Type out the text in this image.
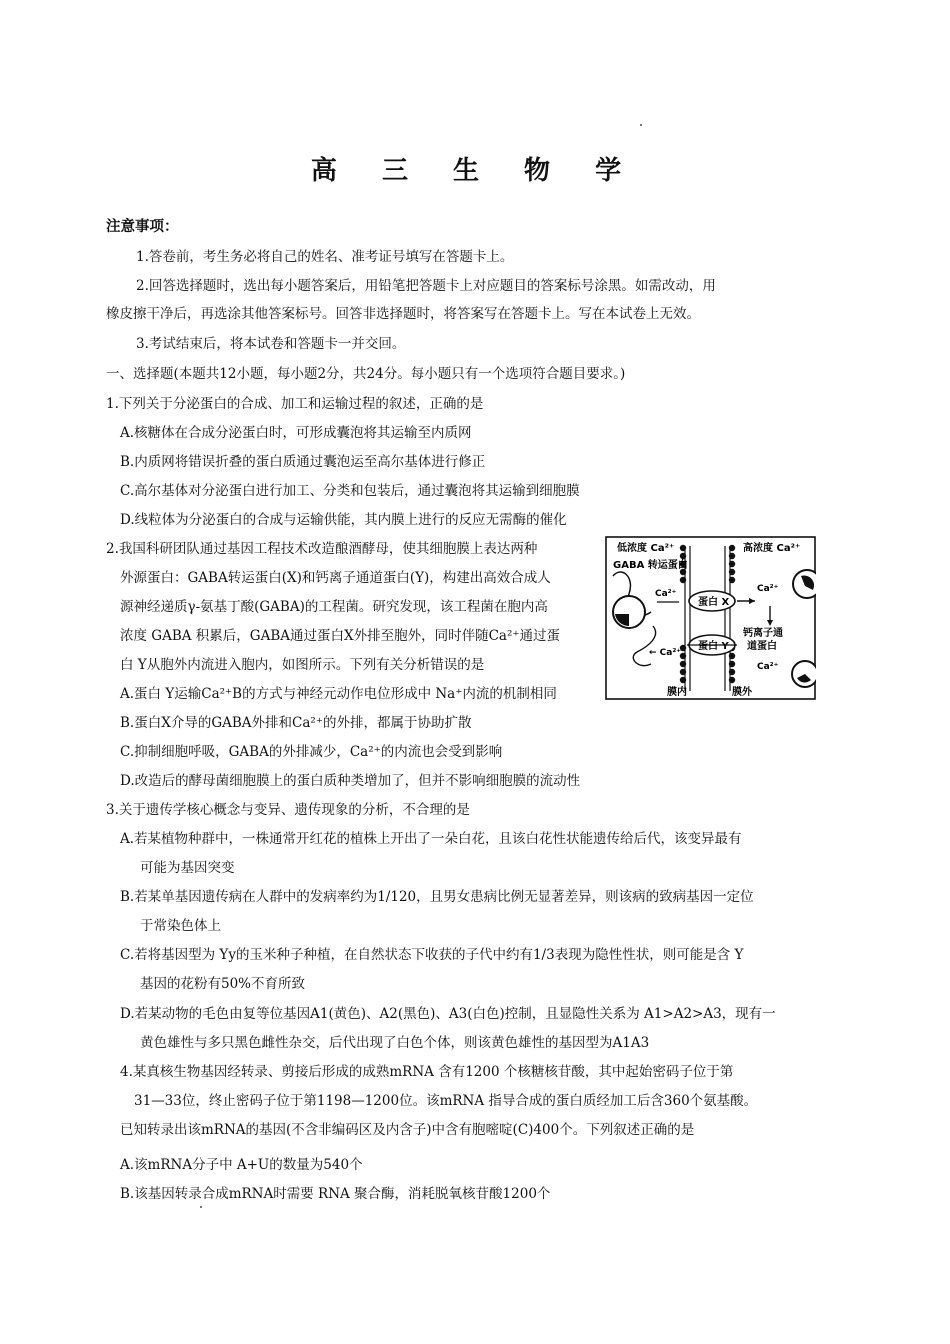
高 三 生 物 学
注意事项：
1.答卷前，考生务必将自己的姓名、准考证号填写在答题卡上。
2.回答选择题时，选出每小题答案后，用铅笔把答题卡上对应题目的答案标号涂黑。如需改动，用
橡皮擦干净后，再选涂其他答案标号。回答非选择题时，将答案写在答题卡上。写在本试卷上无效。
3.考试结束后，将本试卷和答题卡一并交回。
一、选择题(本题共12小题，每小题2分，共24分。每小题只有一个选项符合题目要求。)
1.下列关于分泌蛋白的合成、加工和运输过程的叙述，正确的是
A.核糖体在合成分泌蛋白时，可形成囊泡将其运输至内质网
B.内质网将错误折叠的蛋白质通过囊泡运至高尔基体进行修正
C.高尔基体对分泌蛋白进行加工、分类和包装后，通过囊泡将其运输到细胞膜
D.线粒体为分泌蛋白的合成与运输供能，其内膜上进行的反应无需酶的催化
2.我国科研团队通过基因工程技术改造酿酒酵母，使其细胞膜上表达两种
外源蛋白：GABA转运蛋白(X)和钙离子通道蛋白(Y)，构建出高效合成人
源神经递质γ-氨基丁酸(GABA)的工程菌。研究发现，该工程菌在胞内高
浓度 GABA 积累后，GABA通过蛋白X外排至胞外，同时伴随Ca²⁺通过蛋
白 Y从胞外内流进入胞内，如图所示。下列有关分析错误的是
A.蛋白 Y运输Ca²⁺B的方式与神经元动作电位形成中 Na⁺内流的机制相同
B.蛋白X介导的GABA外排和Ca²⁺的外排，都属于协助扩散
C.抑制细胞呼吸，GABA的外排减少，Ca²⁺的内流也会受到影响
D.改造后的酵母菌细胞膜上的蛋白质种类增加了，但并不影响细胞膜的流动性
低浓度 Ca²⁺	高浓度 Ca²⁺
GABA 转运蛋白
Ca²⁺
蛋白 X
Ca²⁺
钙离子通
道蛋白
蛋白 Y
← Ca²⁺
Ca²⁺
膜内	膜外
3.关于遗传学核心概念与变异、遗传现象的分析，不合理的是
A.若某植物种群中，一株通常开红花的植株上开出了一朵白花，且该白花性状能遗传给后代，该变异最有
可能为基因突变
B.若某单基因遗传病在人群中的发病率约为1/120，且男女患病比例无显著差异，则该病的致病基因一定位
于常染色体上
C.若将基因型为 Yy的玉米种子种植，在自然状态下收获的子代中约有1/3表现为隐性性状，则可能是含 Y
基因的花粉有50%不育所致
D.若某动物的毛色由复等位基因A1(黄色)、A2(黑色)、A3(白色)控制，且显隐性关系为 A1>A2>A3，现有一
黄色雄性与多只黑色雌性杂交，后代出现了白色个体，则该黄色雄性的基因型为A1A3
4.某真核生物基因经转录、剪接后形成的成熟mRNA 含有1200 个核糖核苷酸，其中起始密码子位于第
31—33位，终止密码子位于第1198—1200位。该mRNA 指导合成的蛋白质经加工后含360个氨基酸。
已知转录出该mRNA的基因(不含非编码区及内含子)中含有胞嘧啶(C)400个。下列叙述正确的是
A.该mRNA分子中 A+U的数量为540个
B.该基因转录合成mRNA时需要 RNA 聚合酶，消耗脱氧核苷酸1200个
